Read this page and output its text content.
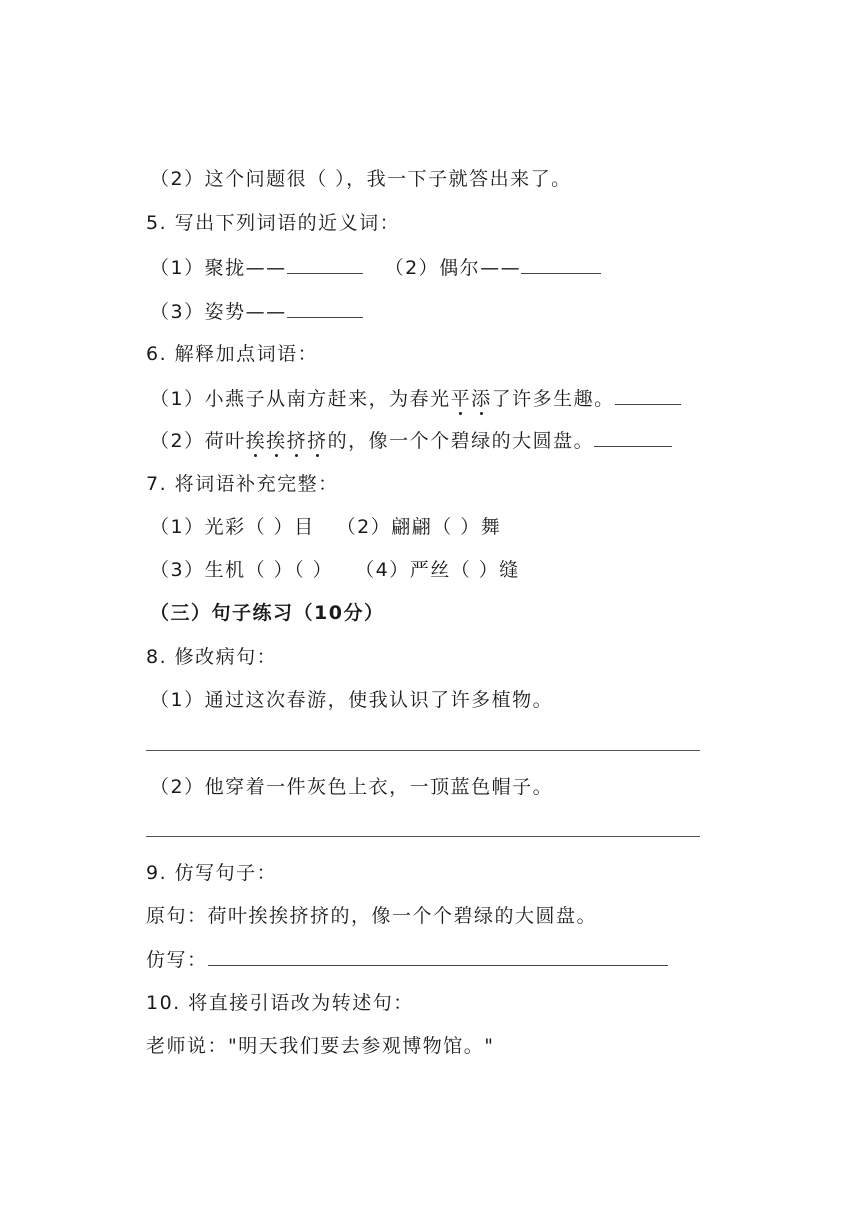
（2）这个问题很（ ），我一下子就答出来了。
5. 写出下列词语的近义词：
（1）聚拢——	（2）偶尔——
（3）姿势——
6. 解释加点词语：
（1）小燕子从南方赶来，为春光平添了许多生趣。
（2）荷叶挨挨挤挤的，像一个个碧绿的大圆盘。
7. 将词语补充完整：
（1）光彩（ ）目 （2）翩翩（ ）舞
（3）生机（ ）（ ） （4）严丝（ ）缝
（三）句子练习（10分）
8. 修改病句：
（1）通过这次春游，使我认识了许多植物。
（2）他穿着一件灰色上衣，一顶蓝色帽子。
9. 仿写句子：
原句：荷叶挨挨挤挤的，像一个个碧绿的大圆盘。
仿写：
10. 将直接引语改为转述句：
老师说："明天我们要去参观博物馆。"
